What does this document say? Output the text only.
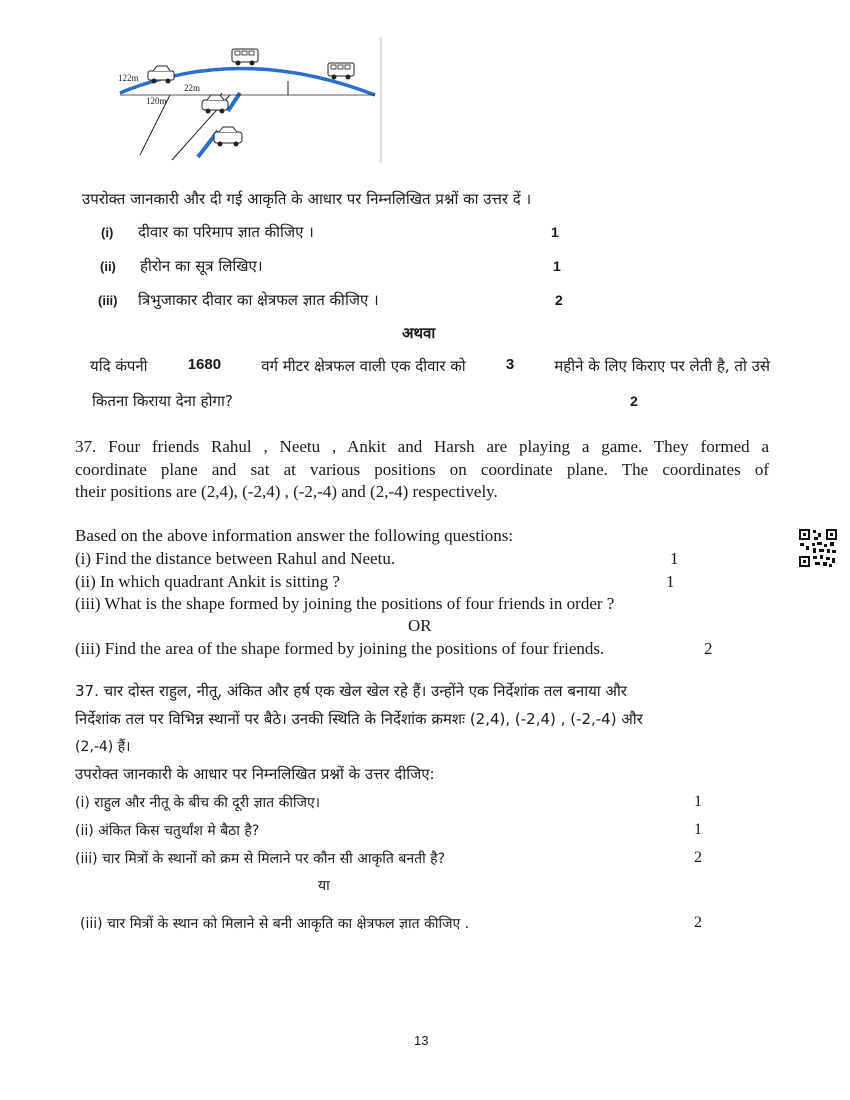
122m
22m
120m
उपरोक्त जानकारी और दी गई आकृति के आधार पर निम्नलिखित प्रश्नों का उत्तर दें ।
(i) दीवार का परिमाप ज्ञात कीजिए ।	1
(ii) हीरोन का सूत्र लिखिए।	1
(iii) त्रिभुजाकार दीवार का क्षेत्रफल ज्ञात कीजिए ।	2
अथवा
यदि कंपनी	1680	वर्ग मीटर क्षेत्रफल वाली एक दीवार को	3	महीने के लिए किराए पर लेती है, तो उसे
कितना किराया देना होगा?	2
37. Four friends Rahul , Neetu , Ankit and Harsh are playing a game. They formed a
coordinate plane and sat at various positions on coordinate plane. The coordinates of
their positions are (2,4), (-2,4) , (-2,-4) and (2,-4) respectively.
Based on the above information answer the following questions:
(i) Find the distance between Rahul and Neetu.	1
(ii) In which quadrant Ankit is sitting ?	1
(iii) What is the shape formed by joining the positions of four friends in order ?
OR
(iii) Find the area of the shape formed by joining the positions of four friends.	2
37. चार दोस्त राहुल, नीतू, अंकित और हर्ष एक खेल खेल रहे हैं। उन्होंने एक निर्देशांक तल बनाया और
निर्देशांक तल पर विभिन्न स्थानों पर बैठे। उनकी स्थिति के निर्देशांक क्रमशः (2,4), (-2,4) , (-2,-4) और
(2,-4) हैं।
उपरोक्त जानकारी के आधार पर निम्नलिखित प्रश्नों के उत्तर दीजिए:
(i) राहुल और नीतू के बीच की दूरी ज्ञात कीजिए।	1
(ii) अंकित किस चतुर्थांश मे बैठा है?	1
(iii) चार मित्रों के स्थानों को क्रम से मिलाने पर कौन सी आकृति बनती है?	2
या
(iii) चार मित्रों के स्थान को मिलाने से बनी आकृति का क्षेत्रफल ज्ञात कीजिए .	2
13
